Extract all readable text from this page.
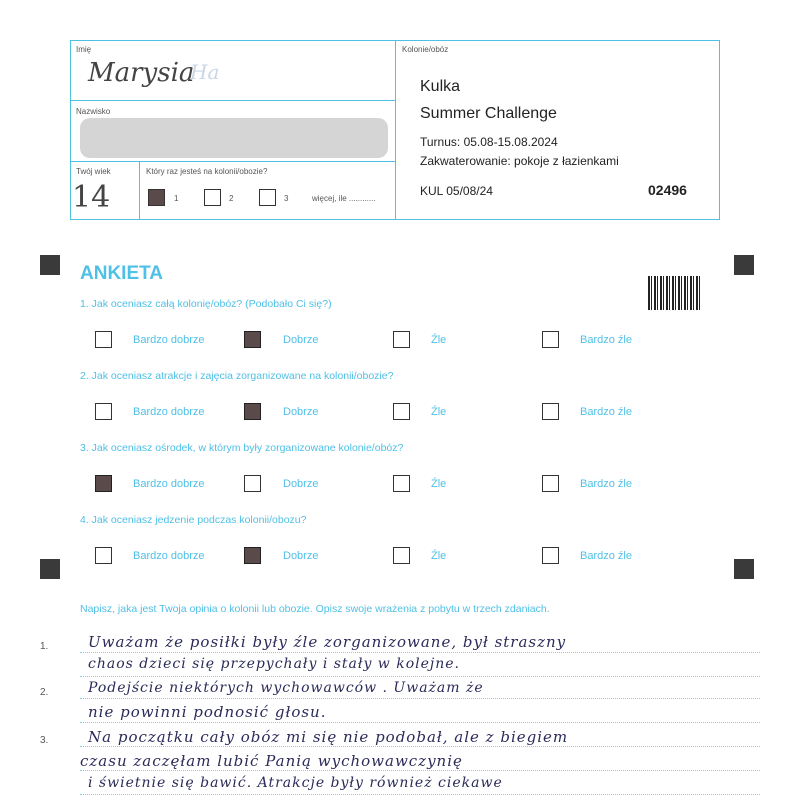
Imię
Marysia
Ha
Nazwisko
Twój wiek
14
Który raz jesteś na kolonii/obozie?
1	2	3	więcej, ile ............
Kolonie/obóz
Kulka
Summer Challenge
Turnus: 05.08-15.08.2024
Zakwaterowanie: pokoje z łazienkami
KUL 05/08/24	02496
ANKIETA
1. Jak oceniasz całą kolonię/obóz? (Podobało Ci się?)
Bardzo dobrze	Dobrze	Źle	Bardzo źle
2. Jak oceniasz atrakcje i zajęcia zorganizowane na kolonii/obozie?
Bardzo dobrze	Dobrze	Źle	Bardzo źle
3. Jak oceniasz ośrodek, w którym były zorganizowane kolonie/obóz?
Bardzo dobrze	Dobrze	Źle	Bardzo źle
4. Jak oceniasz jedzenie podczas kolonii/obozu?
Bardzo dobrze	Dobrze	Źle	Bardzo źle
Napisz, jaka jest Twoja opinia o kolonii lub obozie. Opisz swoje wrażenia z pobytu w trzech zdaniach.
1.
2.
3.
Uważam że posiłki były źle zorganizowane, był straszny
chaos dzieci się przepychały i stały w kolejne.
Podejście niektórych wychowawców . Uważam że
nie powinni podnosić głosu.
Na początku cały obóz mi się nie podobał, ale z biegiem
czasu zaczęłam lubić Panią wychowawczynię
i świetnie się bawić. Atrakcje były również ciekawe
